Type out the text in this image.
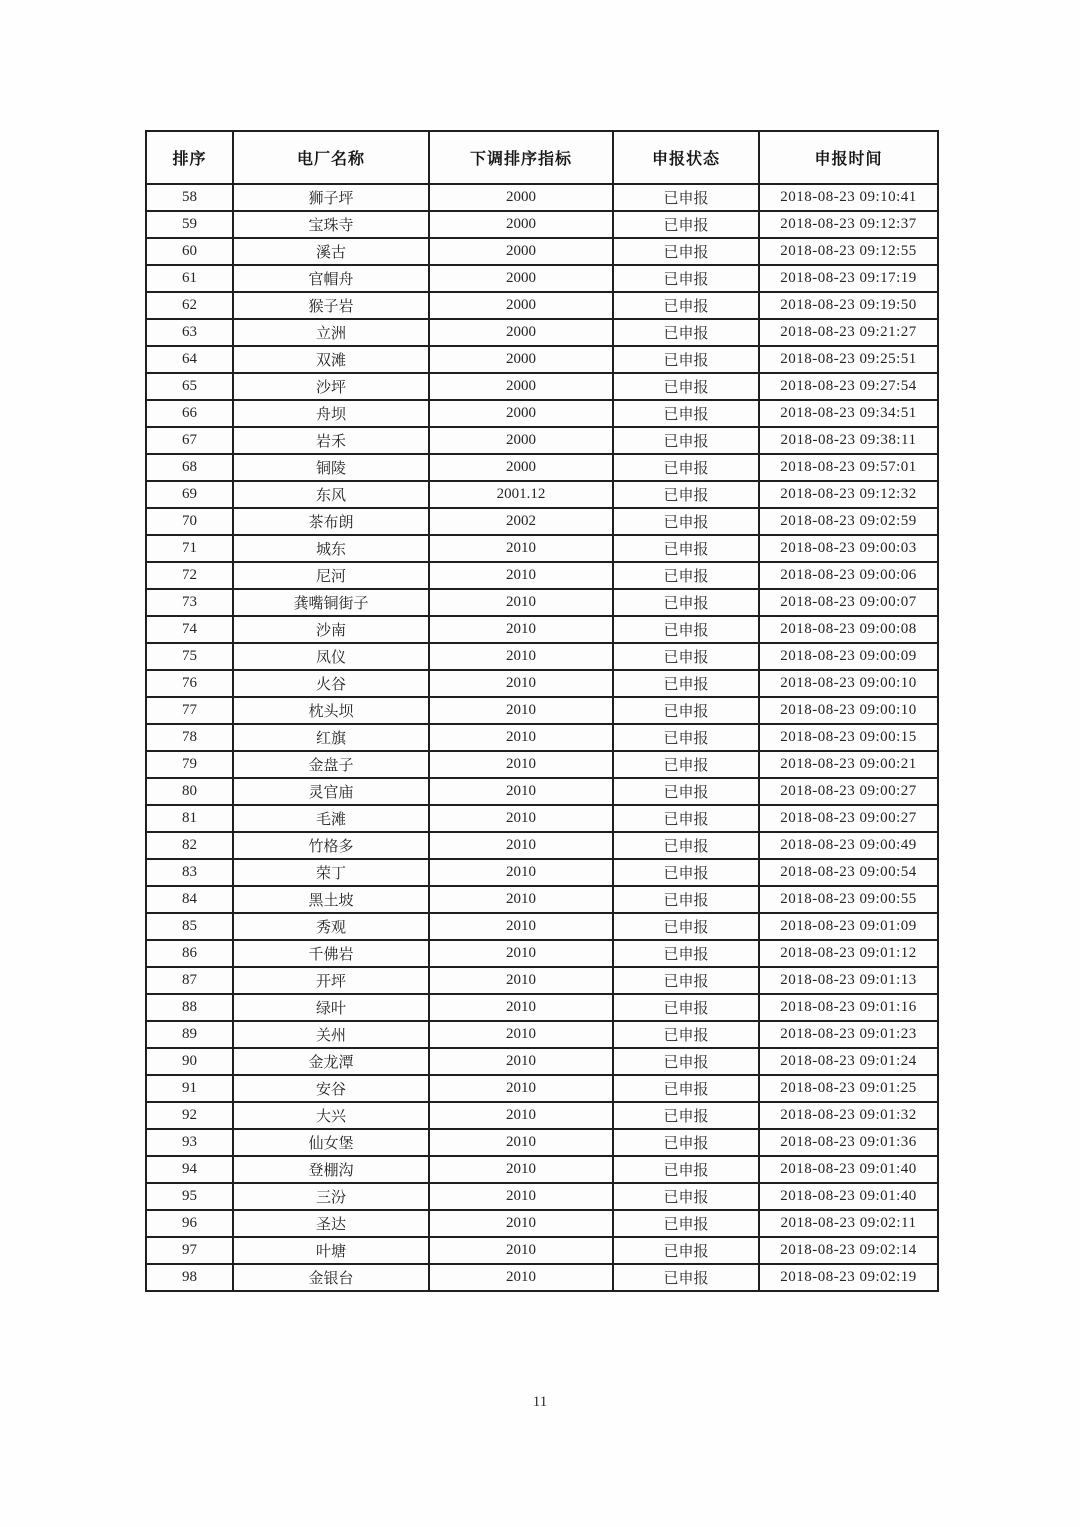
排序	电厂名称	下调排序指标	申报状态	申报时间
58	狮子坪	2000	已申报	2018-08-23 09:10:41
59	宝珠寺	2000	已申报	2018-08-23 09:12:37
60	溪古	2000	已申报	2018-08-23 09:12:55
61	官帽舟	2000	已申报	2018-08-23 09:17:19
62	猴子岩	2000	已申报	2018-08-23 09:19:50
63	立洲	2000	已申报	2018-08-23 09:21:27
64	双滩	2000	已申报	2018-08-23 09:25:51
65	沙坪	2000	已申报	2018-08-23 09:27:54
66	舟坝	2000	已申报	2018-08-23 09:34:51
67	岩禾	2000	已申报	2018-08-23 09:38:11
68	铜陵	2000	已申报	2018-08-23 09:57:01
69	东风	2001.12	已申报	2018-08-23 09:12:32
70	茶布朗	2002	已申报	2018-08-23 09:02:59
71	城东	2010	已申报	2018-08-23 09:00:03
72	尼河	2010	已申报	2018-08-23 09:00:06
73	龚嘴铜街子	2010	已申报	2018-08-23 09:00:07
74	沙南	2010	已申报	2018-08-23 09:00:08
75	凤仪	2010	已申报	2018-08-23 09:00:09
76	火谷	2010	已申报	2018-08-23 09:00:10
77	枕头坝	2010	已申报	2018-08-23 09:00:10
78	红旗	2010	已申报	2018-08-23 09:00:15
79	金盘子	2010	已申报	2018-08-23 09:00:21
80	灵官庙	2010	已申报	2018-08-23 09:00:27
81	毛滩	2010	已申报	2018-08-23 09:00:27
82	竹格多	2010	已申报	2018-08-23 09:00:49
83	荣丁	2010	已申报	2018-08-23 09:00:54
84	黑土坡	2010	已申报	2018-08-23 09:00:55
85	秀观	2010	已申报	2018-08-23 09:01:09
86	千佛岩	2010	已申报	2018-08-23 09:01:12
87	开坪	2010	已申报	2018-08-23 09:01:13
88	绿叶	2010	已申报	2018-08-23 09:01:16
89	关州	2010	已申报	2018-08-23 09:01:23
90	金龙潭	2010	已申报	2018-08-23 09:01:24
91	安谷	2010	已申报	2018-08-23 09:01:25
92	大兴	2010	已申报	2018-08-23 09:01:32
93	仙女堡	2010	已申报	2018-08-23 09:01:36
94	登棚沟	2010	已申报	2018-08-23 09:01:40
95	三汾	2010	已申报	2018-08-23 09:01:40
96	圣达	2010	已申报	2018-08-23 09:02:11
97	叶塘	2010	已申报	2018-08-23 09:02:14
98	金银台	2010	已申报	2018-08-23 09:02:19
11
